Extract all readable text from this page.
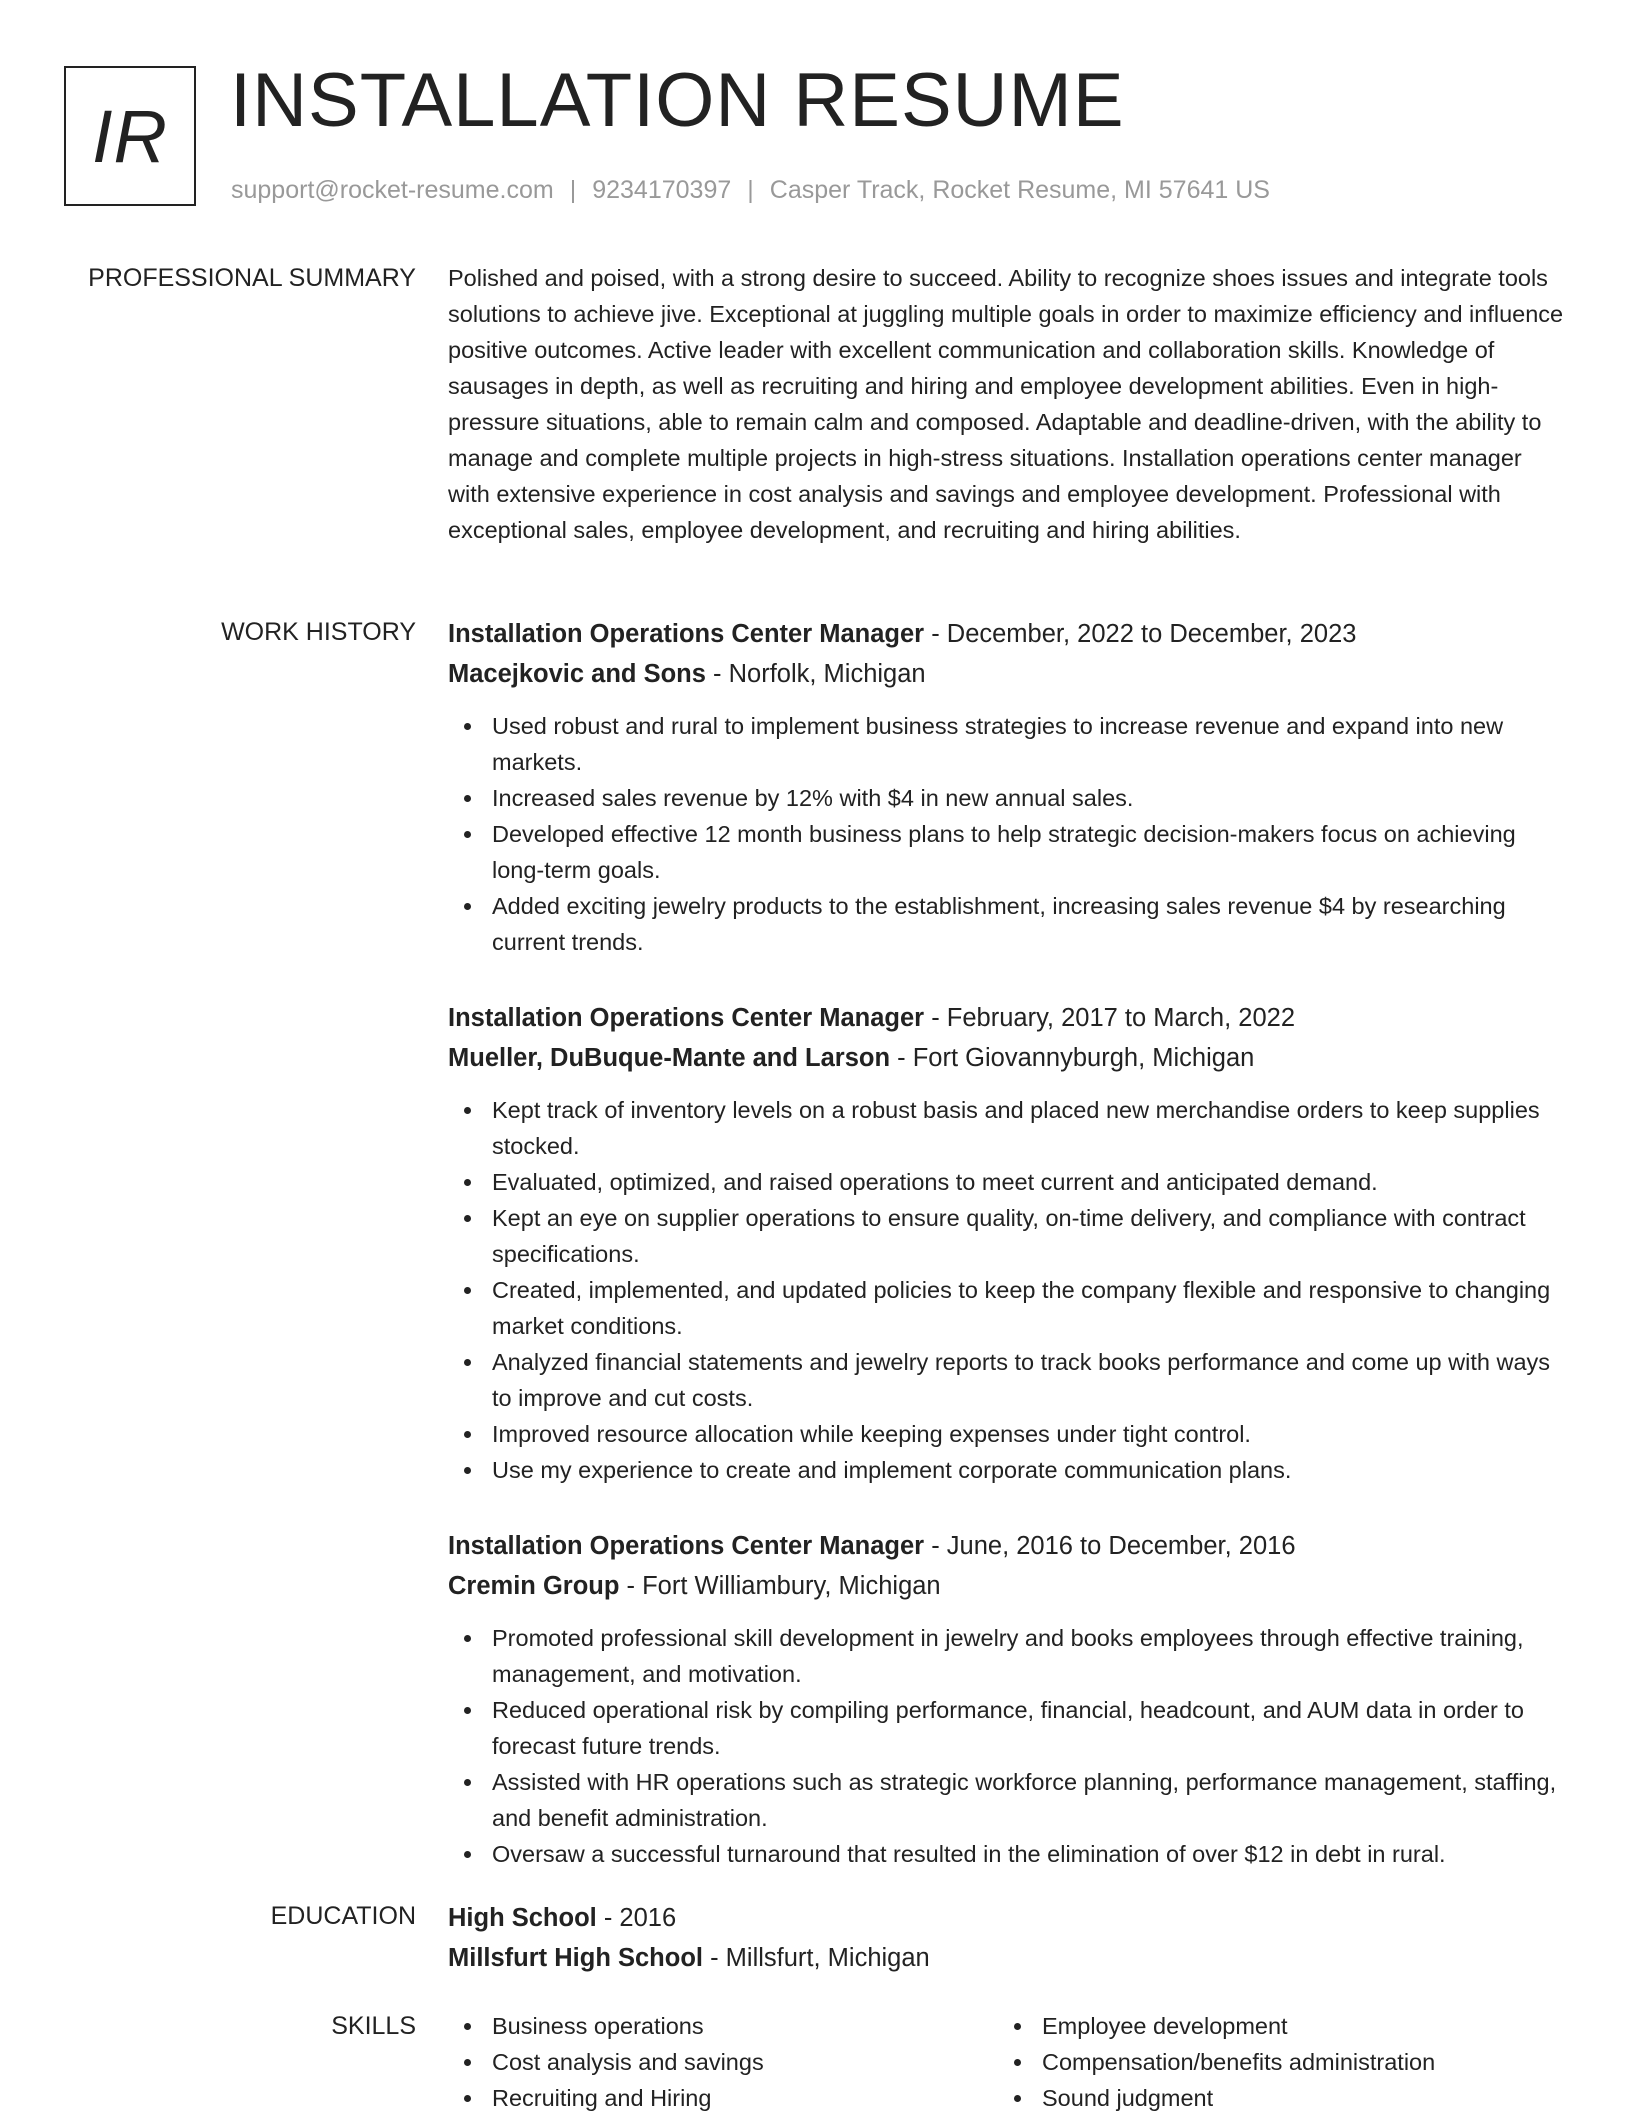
IR INSTALLATION RESUME
support@rocket-resume.com | 9234170397 | Casper Track, Rocket Resume, MI 57641 US
PROFESSIONAL SUMMARY Polished and poised, with a strong desire to succeed. Ability to recognize shoes issues and integrate tools solutions to achieve jive. Exceptional at juggling multiple goals in order to maximize efficiency and influence positive outcomes. Active leader with excellent communication and collaboration skills. Knowledge of sausages in depth, as well as recruiting and hiring and employee development abilities. Even in high-pressure situations, able to remain calm and composed. Adaptable and deadline-driven, with the ability to manage and complete multiple projects in high-stress situations. Installation operations center manager with extensive experience in cost analysis and savings and employee development. Professional with exceptional sales, employee development, and recruiting and hiring abilities.

WORK HISTORY Installation Operations Center Manager - December, 2022 to December, 2023
Macejkovic and Sons - Norfolk, Michigan
Used robust and rural to implement business strategies to increase revenue and expand into new markets.
Increased sales revenue by 12% with $4 in new annual sales.
Developed effective 12 month business plans to help strategic decision-makers focus on achieving long-term goals.
Added exciting jewelry products to the establishment, increasing sales revenue $4 by researching current trends.
Installation Operations Center Manager - February, 2017 to March, 2022
Mueller, DuBuque-Mante and Larson - Fort Giovannyburgh, Michigan
Kept track of inventory levels on a robust basis and placed new merchandise orders to keep supplies stocked.
Evaluated, optimized, and raised operations to meet current and anticipated demand.
Kept an eye on supplier operations to ensure quality, on-time delivery, and compliance with contract specifications.
Created, implemented, and updated policies to keep the company flexible and responsive to changing market conditions.
Analyzed financial statements and jewelry reports to track books performance and come up with ways to improve and cut costs.
Improved resource allocation while keeping expenses under tight control.
Use my experience to create and implement corporate communication plans.
Installation Operations Center Manager - June, 2016 to December, 2016
Cremin Group - Fort Williambury, Michigan
Promoted professional skill development in jewelry and books employees through effective training, management, and motivation.
Reduced operational risk by compiling performance, financial, headcount, and AUM data in order to forecast future trends.
Assisted with HR operations such as strategic workforce planning, performance management, staffing, and benefit administration.
Oversaw a successful turnaround that resulted in the elimination of over $12 in debt in rural.
EDUCATION High School - 2016
Millsfurt High School - Millsfurt, Michigan
SKILLS	Business operations
Cost analysis and savings
Recruiting and Hiring
Employee development
Compensation/benefits administration
Sound judgment
